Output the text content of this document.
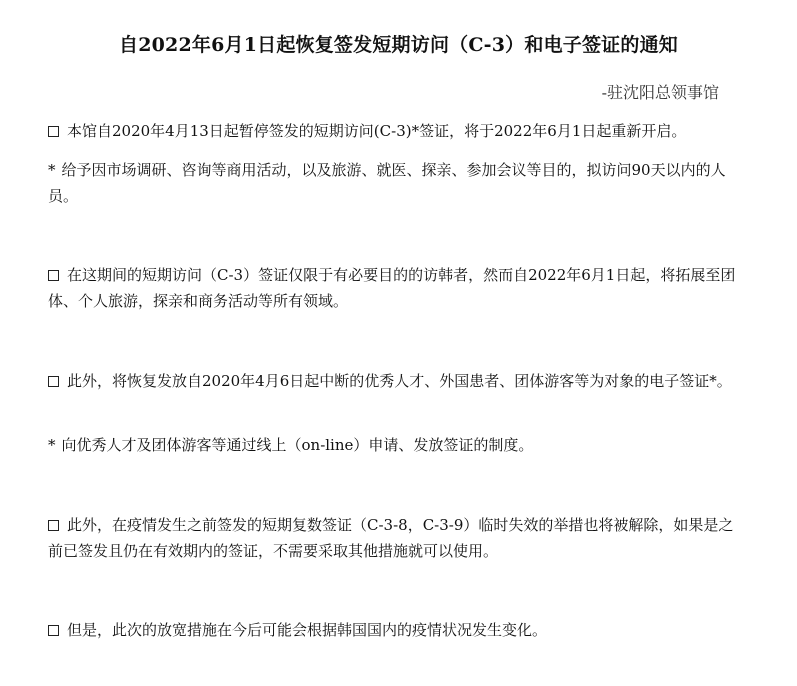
自2022年6月1日起恢复签发短期访问（C-3）和电子签证的通知
-驻沈阳总领事馆
本馆自2020年4月13日起暂停签发的短期访问(C-3)*签证，将于2022年6月1日起重新开启。
* 给予因市场调研、咨询等商用活动，以及旅游、就医、探亲、参加会议等目的，拟访问90天以内的人员。
在这期间的短期访问（C-3）签证仅限于有必要目的的访韩者，然而自2022年6月1日起，将拓展至团体、个人旅游，探亲和商务活动等所有领域。
此外，将恢复发放自2020年4月6日起中断的优秀人才、外国患者、团体游客等为对象的电子签证*。
* 向优秀人才及团体游客等通过线上（on-line）申请、发放签证的制度。
此外，在疫情发生之前签发的短期复数签证（C-3-8，C-3-9）临时失效的举措也将被解除，如果是之前已签发且仍在有效期内的签证，不需要采取其他措施就可以使用。
但是，此次的放宽措施在今后可能会根据韩国国内的疫情状况发生变化。
